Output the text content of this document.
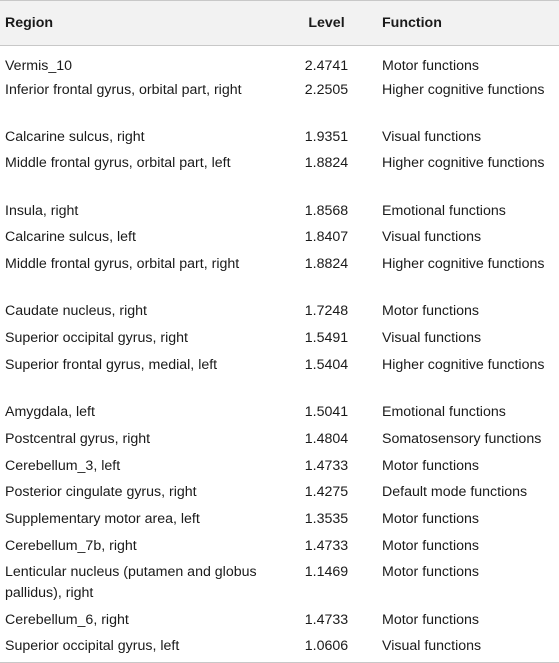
Region	Level	Function
Vermis_10	2.4741	Motor functions
Inferior frontal gyrus, orbital part, right	2.2505	Higher cognitive functions
Calcarine sulcus, right	1.9351	Visual functions
Middle frontal gyrus, orbital part, left	1.8824	Higher cognitive functions
Insula, right	1.8568	Emotional functions
Calcarine sulcus, left	1.8407	Visual functions
Middle frontal gyrus, orbital part, right	1.8824	Higher cognitive functions
Caudate nucleus, right	1.7248	Motor functions
Superior occipital gyrus, right	1.5491	Visual functions
Superior frontal gyrus, medial, left	1.5404	Higher cognitive functions
Amygdala, left	1.5041	Emotional functions
Postcentral gyrus, right	1.4804	Somatosensory functions
Cerebellum_3, left	1.4733	Motor functions
Posterior cingulate gyrus, right	1.4275	Default mode functions
Supplementary motor area, left	1.3535	Motor functions
Cerebellum_7b, right	1.4733	Motor functions
Lenticular nucleus (putamen and globus pallidus), right	1.1469	Motor functions
Cerebellum_6, right	1.4733	Motor functions
Superior occipital gyrus, left	1.0606	Visual functions
